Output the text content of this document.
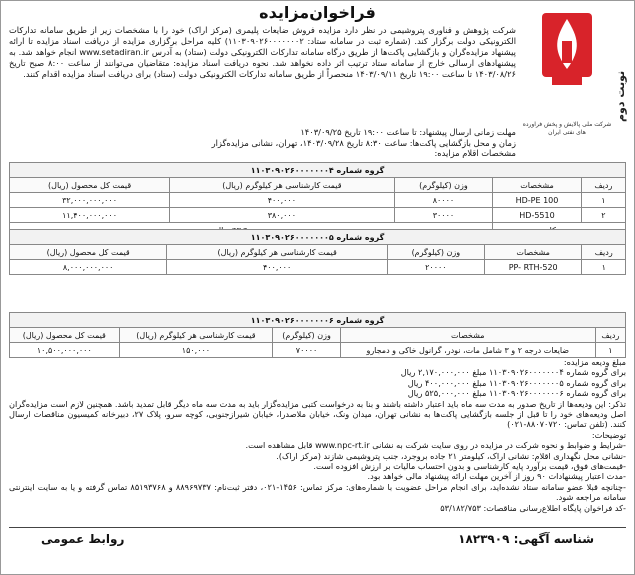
نوبت دوم
شرکت ملی پالایش و پخش فراورده های نفتی ایران
فراخوان‌مزایده
شرکت پژوهش و فناوری پتروشیمی در نظر دارد مزایده فروش ضایعات پلیمری (مرکز اراک) خود را با مشخصات زیر از طریق سامانه تدارکات الکترونیکی دولت برگزار کند. (شماره ثبت در سامانه ستاد: ۱۱۰۳۰۹۰۲۶۰۰۰۰۰۰۰۲) کلیه مراحل برگزاری مزایده از دریافت اسناد مزایده تا ارائه پیشنهاد مزایده‌گران و بازگشایی پاکت‌ها از طریق درگاه سامانه تدارکات الکترونیکی دولت (ستاد) به آدرس www.setadiran.ir انجام خواهد شد. به پیشنهادهای ارسالی خارج از سامانه ستاد ترتیب اثر داده نخواهد شد. نحوه دریافت اسناد مزایده: متقاضیان می‌توانند از ساعت ۸:۰۰ صبح تاریخ ۱۴۰۳/۰۸/۲۶ تا ساعت ۱۹:۰۰ تاریخ ۱۴۰۳/۰۹/۱۱ منحصراً از طریق سامانه تدارکات الکترونیکی دولت (ستاد) برای دریافت اسناد مزایده اقدام کنند.
مهلت زمانی ارسال پیشنهاد: تا ساعت ۱۹:۰۰ تاریخ ۱۴۰۳/۰۹/۲۵
زمان و محل بازگشایی پاکت‌ها: ساعت ۸:۳۰ تاریخ ۱۴۰۳/۰۹/۲۸، تهران، نشانی مزایده‌گزار
مشخصات اقلام مزایده:
گروه شماره ۱۱۰۳۰۹۰۲۶۰۰۰۰۰۰۰۴				
ردیف	مشخصات	وزن (کیلوگرم)	قیمت کارشناسی هر کیلوگرم (ریال)	قیمت کل محصول (ریال)
۱	HD-PE 100	۸۰۰۰۰	۴۰۰,۰۰۰	۳۲,۰۰۰,۰۰۰,۰۰۰
۲	HD-5510	۳۰۰۰۰	۳۸۰,۰۰۰	۱۱,۴۰۰,۰۰۰,۰۰۰

گروه شماره ۱۱۰۳۰۹۰۲۶۰۰۰۰۰۰۰۵				
ردیف	مشخصات	وزن (کیلوگرم)	قیمت کارشناسی هر کیلوگرم (ریال)	قیمت کل محصول (ریال)
۱	PP- RTH-520	۲۰۰۰۰	۴۰۰,۰۰۰	۸,۰۰۰,۰۰۰,۰۰۰
گروه شماره ۱۱۰۳۰۹۰۲۶۰۰۰۰۰۰۰۶				
ردیف	مشخصات	وزن (کیلوگرم)	قیمت کارشناسی هر کیلوگرم (ریال)	قیمت کل محصول (ریال)
۱	ضایعات درجه ۲ و ۳ شامل مات، نودر، گرانول خاکی و دمجارو	۷۰۰۰۰	۱۵۰,۰۰۰	۱۰,۵۰۰,۰۰۰,۰۰۰
مبلغ ودیعه مزایده:
برای گروه شماره ۱۱۰۳۰۹۰۲۶۰۰۰۰۰۰۰۴ مبلغ ۲,۱۷۰,۰۰۰,۰۰۰ ریال
برای گروه شماره ۱۱۰۳۰۹۰۲۶۰۰۰۰۰۰۰۵ مبلغ ۴۰۰,۰۰۰,۰۰۰ ریال
برای گروه شماره ۱۱۰۳۰۹۰۲۶۰۰۰۰۰۰۰۶ مبلغ ۵۲۵,۰۰۰,۰۰۰ ریال
تذکر: این ودیعه‌ها از تاریخ صدور به مدت سه ماه باید اعتبار داشته باشند و بنا به درخواست کتبی مزایده‌گزار باید به مدت سه ماه دیگر قابل تمدید باشد. همچنین لازم است مزایده‌گران اصل ودیعه‌های خود را تا قبل از جلسه بازگشایی پاکت‌ها به نشانی تهران، میدان ونک، خیابان ملاصدرا، خیابان شیرازجنوبی، کوچه سرو، پلاک ۲۷، دبیرخانه کمیسیون مناقصات ارسال کنند. (تلفن تماس: ۸۸۰۷۰۷۲۰-۰۲۱)
توضیحات:
-شرایط و ضوابط و نحوه شرکت در مزایده در روی سایت شرکت به نشانی www.npc-rt.ir قابل مشاهده است.
-نشانی محل نگهداری اقلام: نشانی اراک، کیلومتر ۲۱ جاده بروجرد، جنب پتروشیمی شازند (مرکز اراک).
-قیمت‌های فوق، قیمت برآورد پایه کارشناسی و بدون احتساب مالیات بر ارزش افزوده است.
-مدت اعتبار پیشنهادات ۹۰ روز از آخرین مهلت ارائه پیشنهاد مالی خواهد بود.
-چنانچه قبلا عضو سامانه ستاد نشده‌اید، برای انجام مراحل عضویت با شماره‌های: مرکز تماس: ۱۴۵۶-۰۲۱، دفتر ثبت‌نام: ۸۸۹۶۹۷۳۷ و ۸۵۱۹۳۷۶۸ تماس گرفته و یا به سایت اینترنتی سامانه مراجعه شود.
-کد فراخوان پایگاه اطلاع‌رسانی مناقصات: ۵۳/۱۸۲/۷۵۳
شناسه آگهی: ۱۸۲۳۹۰۹
روابط عمومی
